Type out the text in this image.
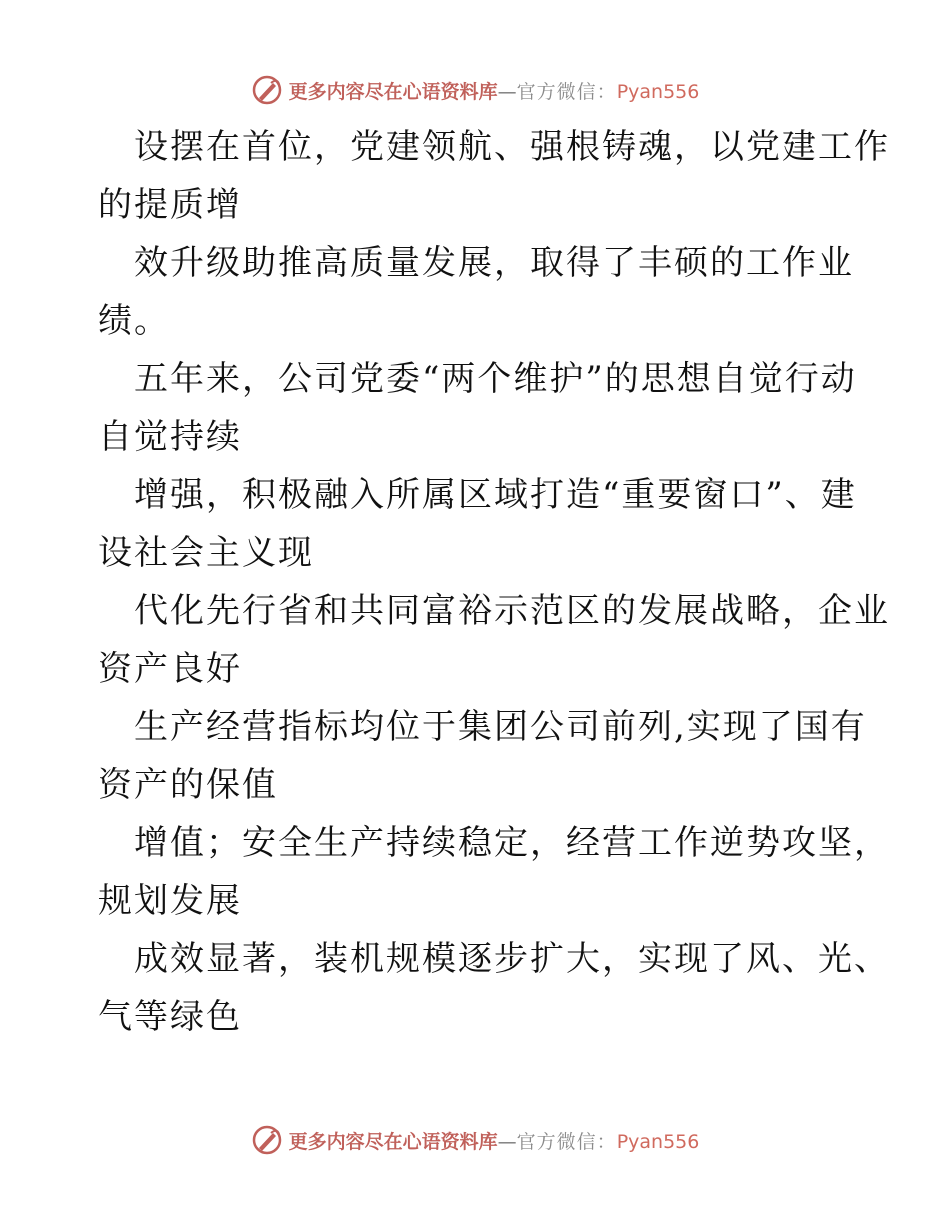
更多内容尽在心语资料库—官方微信：Pyan556

设摆在首位，党建领航、强根铸魂，以党建工作
的提质增

效升级助推高质量发展，取得了丰硕的工作业
绩。

五年来，公司党委“两个维护”的思想自觉行动
自觉持续

增强，积极融入所属区域打造“重要窗口”、建
设社会主义现

代化先行省和共同富裕示范区的发展战略，企业
资产良好

生产经营指标均位于集团公司前列,实现了国有
资产的保值

增值；安全生产持续稳定，经营工作逆势攻坚，
规划发展

成效显著，装机规模逐步扩大，实现了风、光、
气等绿色

更多内容尽在心语资料库—官方微信：Pyan556
